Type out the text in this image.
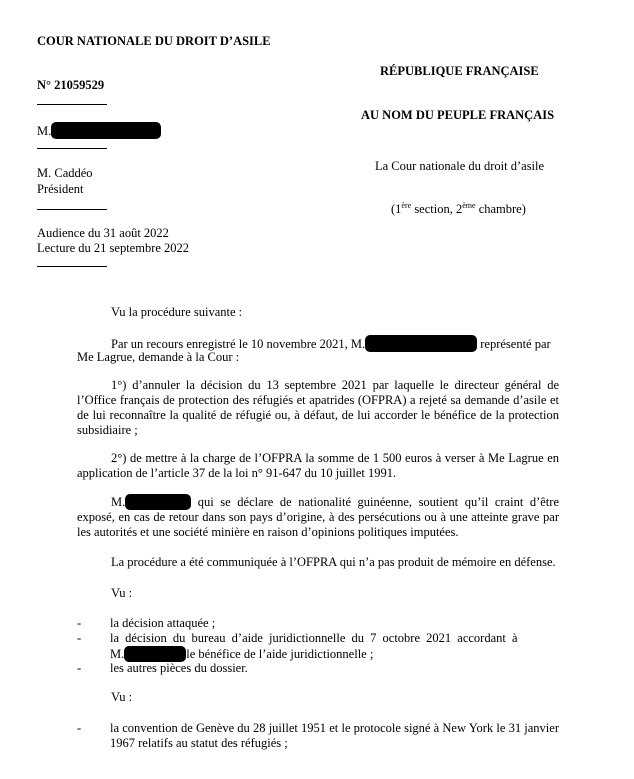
COUR NATIONALE DU DROIT D’ASILE
N° 21059529
M.
M. Caddéo
Président
Audience du 31 août 2022
Lecture du 21 septembre 2022
RÉPUBLIQUE FRANÇAISE
AU NOM DU PEUPLE FRANÇAIS
La Cour nationale du droit d’asile
(1ère section, 2ème chambre)
Vu la procédure suivante :
Par un recours enregistré le 10 novembre 2021, M.	représenté par
Me Lagrue, demande à la Cour :
1°) d’annuler la décision du 13 septembre 2021 par laquelle le directeur général de l’Office français de protection des réfugiés et apatrides (OFPRA) a rejeté sa demande d’asile et de lui reconnaître la qualité de réfugié ou, à défaut, de lui accorder le bénéfice de la protection subsidiaire ;
2°) de mettre à la charge de l’OFPRA la somme de 1 500 euros à verser à Me Lagrue en application de l’article 37 de la loi n° 91-647 du 10 juillet 1991.
M.	qui se déclare de nationalité guinéenne, soutient qu’il craint d’être exposé, en cas de retour dans son pays d’origine, à des persécutions ou à une atteinte grave par les autorités et une société minière en raison d’opinions politiques imputées.
La procédure a été communiquée à l’OFPRA qui n’a pas produit de mémoire en défense.
Vu :
- la décision attaquée ;
- la décision du bureau d’aide juridictionnelle du 7 octobre 2021 accordant à
M.	le bénéfice de l’aide juridictionnelle ;
- les autres pièces du dossier.
Vu :
- la convention de Genève du 28 juillet 1951 et le protocole signé à New York le 31 janvier 1967 relatifs au statut des réfugiés ;
